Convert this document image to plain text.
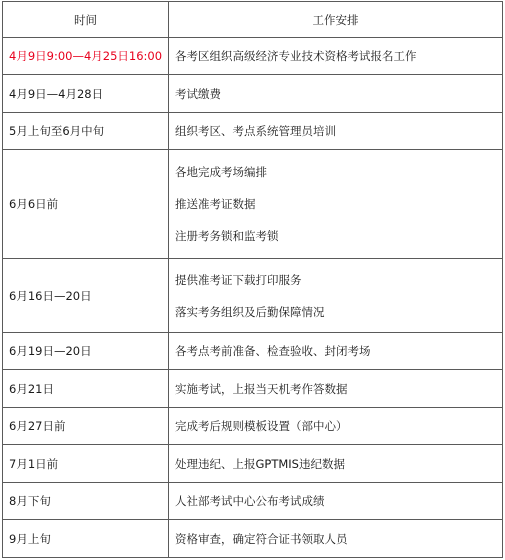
时间	工作安排
4月9日9:00—4月25日16:00	各考区组织高级经济专业技术资格考试报名工作

4月9日—4月28日	考试缴费

5月上旬至6月中旬	组织考区、考点系统管理员培训

6月6日前	各地完成考场编排
推送准考证数据
注册考务锁和监考锁

6月16日—20日	提供准考证下载打印服务
落实考务组织及后勤保障情况

6月19日—20日	各考点考前准备、检查验收、封闭考场

6月21日	实施考试，上报当天机考作答数据

6月27日前	完成考后规则模板设置（部中心）

7月1日前	处理违纪、上报GPTMIS违纪数据

8月下旬	人社部考试中心公布考试成绩

9月上旬	资格审查，确定符合证书领取人员
